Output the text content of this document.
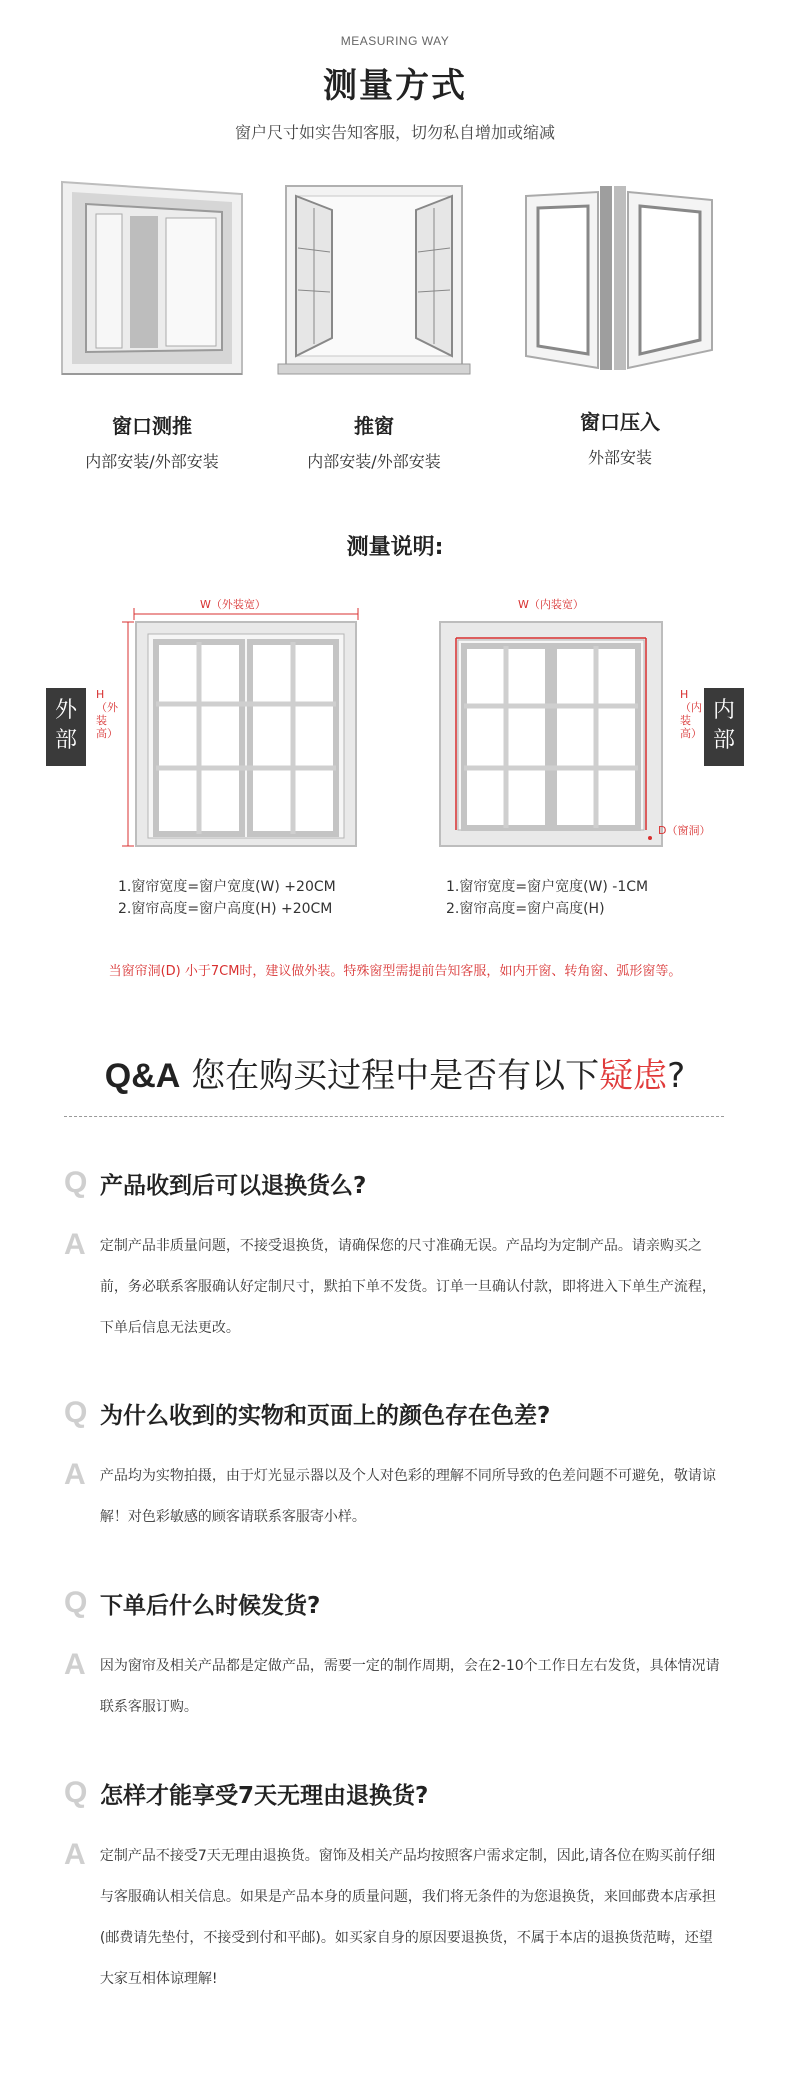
MEASURING WAY
测量方式
窗户尺寸如实告知客服，切勿私自增加或缩减
窗口测推
内部安装/外部安装
推窗
内部安装/外部安装
窗口压入
外部安装
测量说明:
W（外装宽）
H（外装高）
W（内装宽）
H（内装高）
D（窗洞）
外部
内部
1.窗帘宽度=窗户宽度(W) +20CM
2.窗帘高度=窗户高度(H) +20CM
1.窗帘宽度=窗户宽度(W) -1CM
2.窗帘高度=窗户高度(H)
当窗帘洞(D) 小于7CM时，建议做外装。特殊窗型需提前告知客服，如内开窗、转角窗、弧形窗等。
Q&A 您在购买过程中是否有以下疑虑?
Q 产品收到后可以退换货么?
A	定制产品非质量问题，不接受退换货，请确保您的尺寸准确无误。产品均为定制产品。请亲购买之前，务必联系客服确认好定制尺寸，默拍下单不发货。订单一旦确认付款，即将进入下单生产流程，下单后信息无法更改。
Q 为什么收到的实物和页面上的颜色存在色差?
A	产品均为实物拍摄，由于灯光显示器以及个人对色彩的理解不同所导致的色差问题不可避免，敬请谅解！对色彩敏感的顾客请联系客服寄小样。
Q 下单后什么时候发货?
A	因为窗帘及相关产品都是定做产品，需要一定的制作周期，会在2-10个工作日左右发货，具体情况请联系客服订购。
Q 怎样才能享受7天无理由退换货?
A	定制产品不接受7天无理由退换货。窗饰及相关产品均按照客户需求定制，因此,请各位在购买前仔细与客服确认相关信息。如果是产品本身的质量问题，我们将无条件的为您退换货，来回邮费本店承担(邮费请先垫付，不接受到付和平邮)。如买家自身的原因要退换货，不属于本店的退换货范畴，还望大家互相体谅理解!
